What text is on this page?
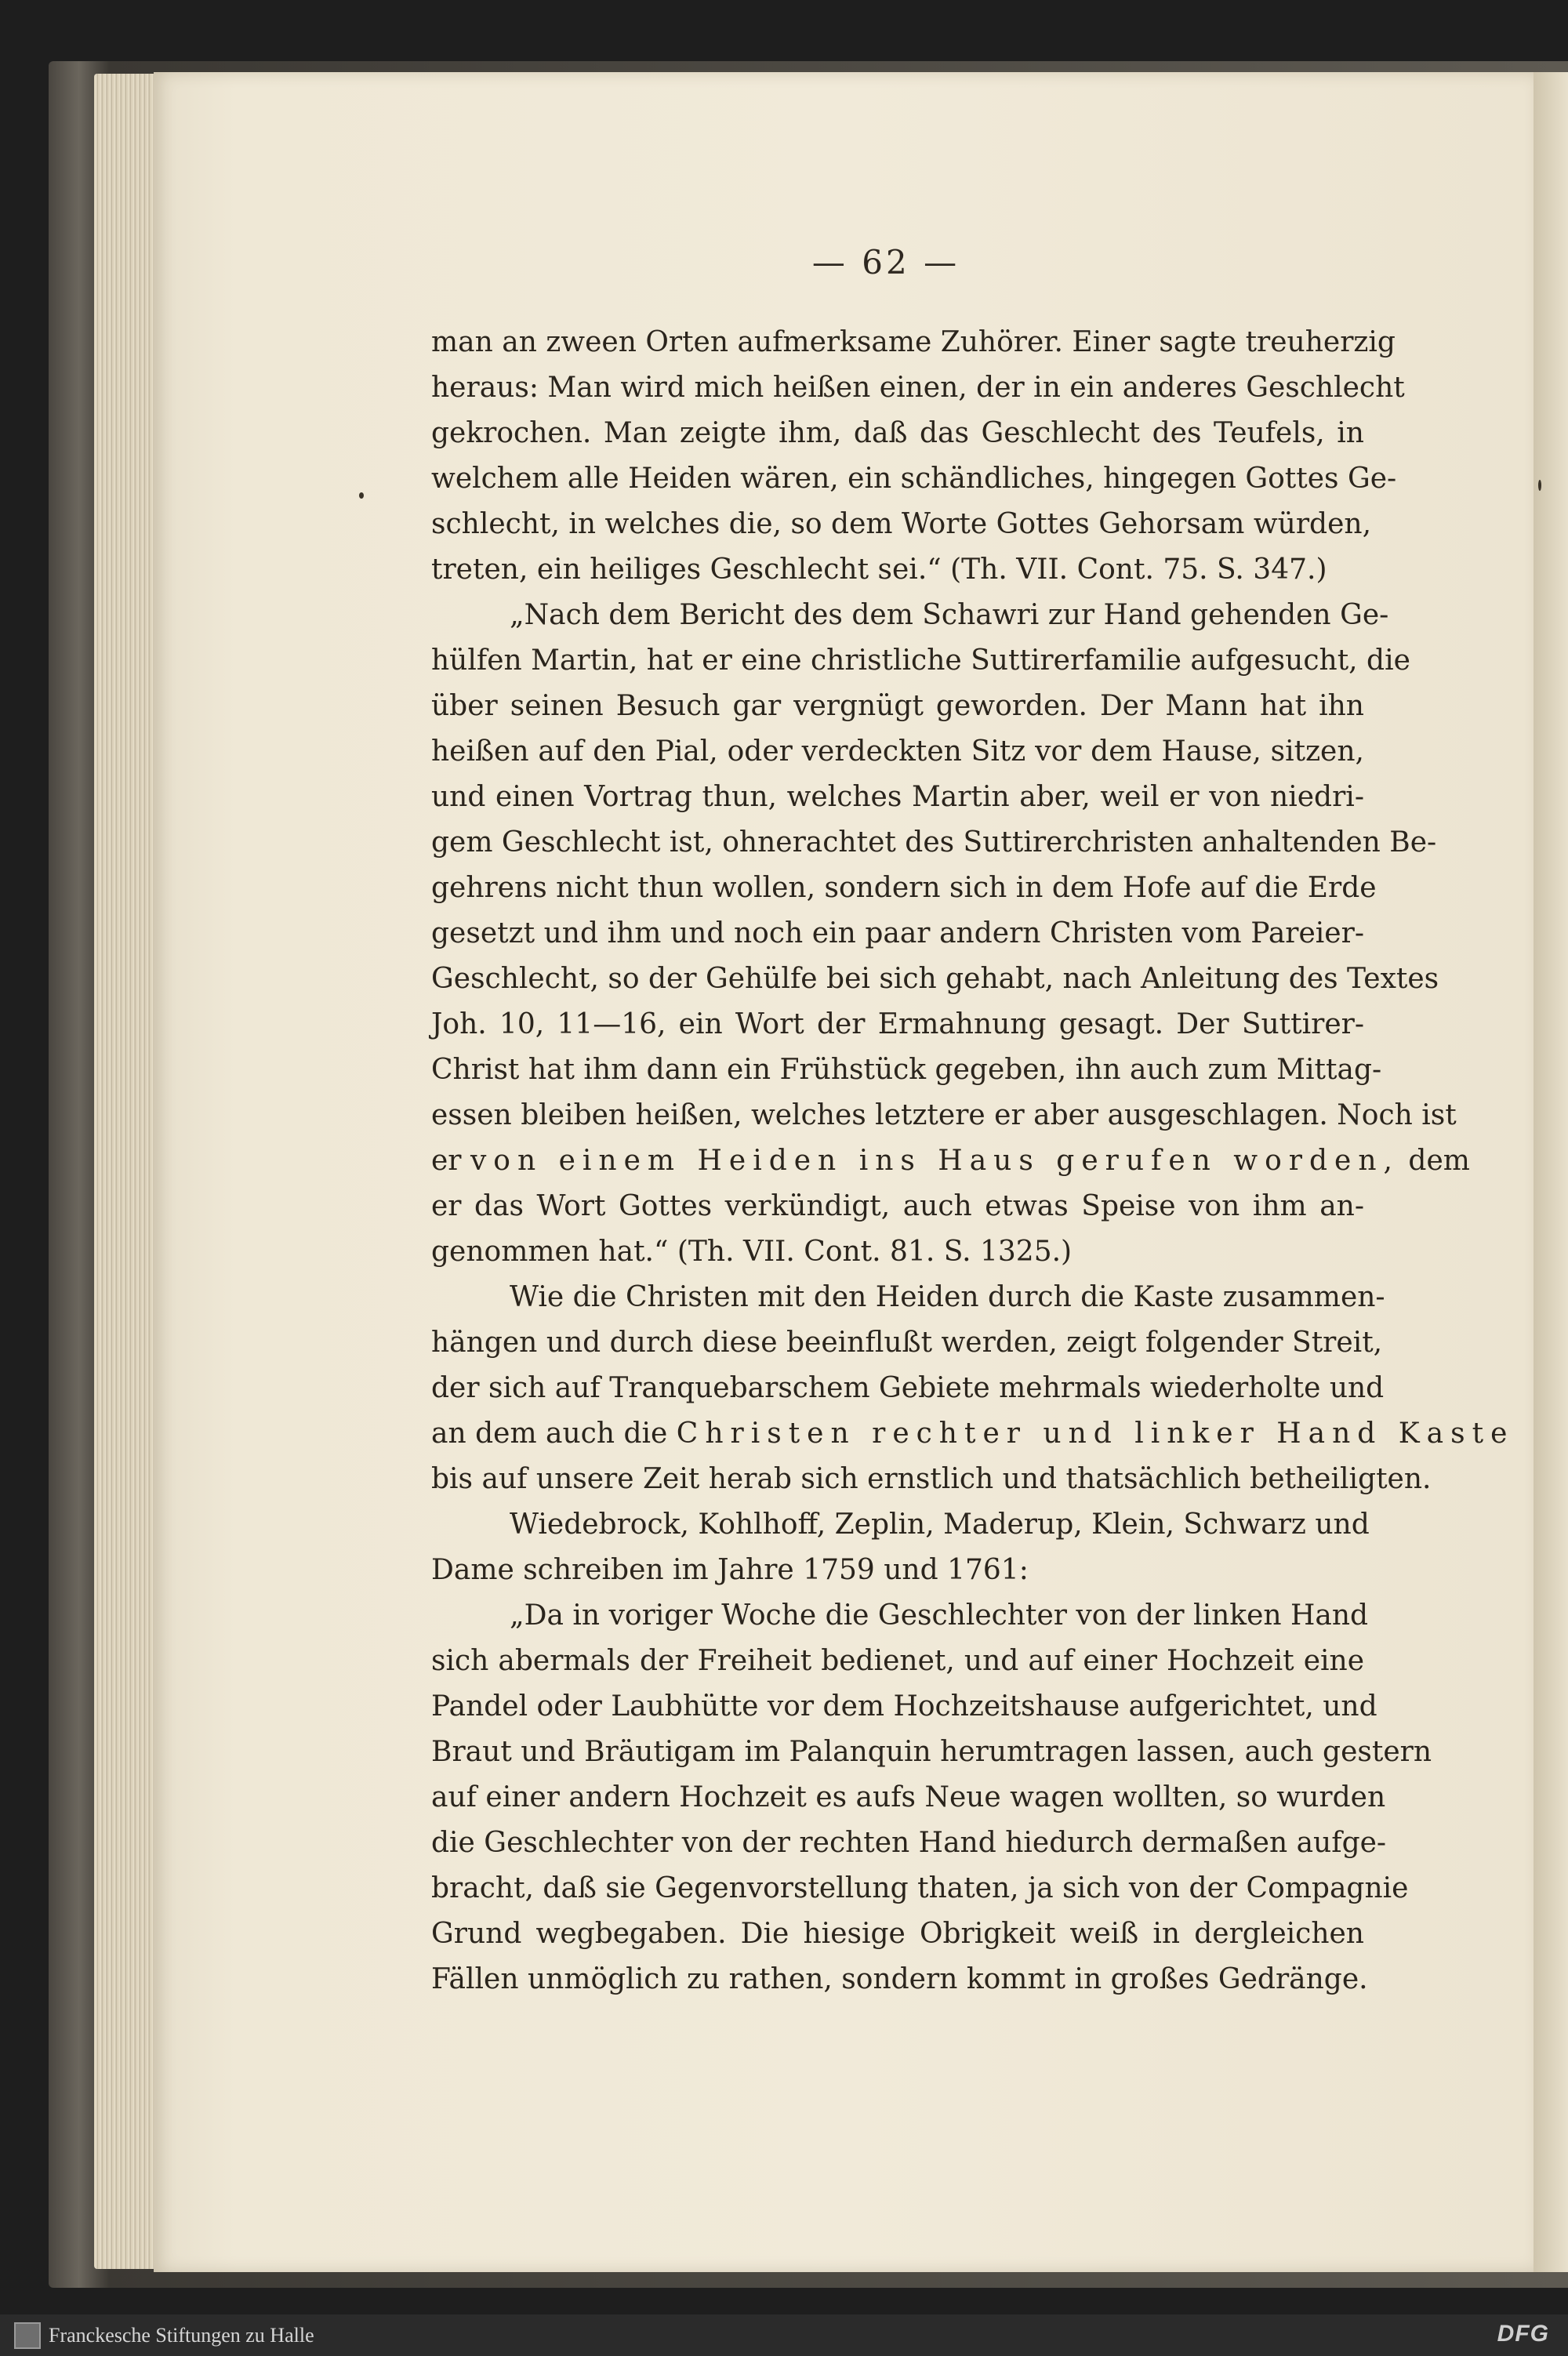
— 62 —
man an zween Orten aufmerksame Zuhörer. Einer sagte treuherzig
heraus: Man wird mich heißen einen, der in ein anderes Geschlecht
gekrochen. Man zeigte ihm, daß das Geschlecht des Teufels, in
welchem alle Heiden wären, ein schändliches, hingegen Gottes Ge-
schlecht, in welches die, so dem Worte Gottes Gehorsam würden,
treten, ein heiliges Geschlecht sei.“ (Th. VII. Cont. 75. S. 347.)
„Nach dem Bericht des dem Schawri zur Hand gehenden Ge-
hülfen Martin, hat er eine christliche Suttirerfamilie aufgesucht, die
über seinen Besuch gar vergnügt geworden. Der Mann hat ihn
heißen auf den Pial, oder verdeckten Sitz vor dem Hause, sitzen,
und einen Vortrag thun, welches Martin aber, weil er von niedri-
gem Geschlecht ist, ohnerachtet des Suttirerchristen anhaltenden Be-
gehrens nicht thun wollen, sondern sich in dem Hofe auf die Erde
gesetzt und ihm und noch ein paar andern Christen vom Pareier-
Geschlecht, so der Gehülfe bei sich gehabt, nach Anleitung des Textes
Joh. 10, 11—16, ein Wort der Ermahnung gesagt. Der Suttirer-
Christ hat ihm dann ein Frühstück gegeben, ihn auch zum Mittag-
essen bleiben heißen, welches letztere er aber ausgeschlagen. Noch ist
er von einem Heiden ins Haus gerufen worden, dem
er das Wort Gottes verkündigt, auch etwas Speise von ihm an-
genommen hat.“ (Th. VII. Cont. 81. S. 1325.)
Wie die Christen mit den Heiden durch die Kaste zusammen-
hängen und durch diese beeinflußt werden, zeigt folgender Streit,
der sich auf Tranquebarschem Gebiete mehrmals wiederholte und
an dem auch die Christen rechter und linker Hand Kaste
bis auf unsere Zeit herab sich ernstlich und thatsächlich betheiligten.
Wiedebrock, Kohlhoff, Zeplin, Maderup, Klein, Schwarz und
Dame schreiben im Jahre 1759 und 1761:
„Da in voriger Woche die Geschlechter von der linken Hand
sich abermals der Freiheit bedienet, und auf einer Hochzeit eine
Pandel oder Laubhütte vor dem Hochzeitshause aufgerichtet, und
Braut und Bräutigam im Palanquin herumtragen lassen, auch gestern
auf einer andern Hochzeit es aufs Neue wagen wollten, so wurden
die Geschlechter von der rechten Hand hiedurch dermaßen aufge-
bracht, daß sie Gegenvorstellung thaten, ja sich von der Compagnie
Grund wegbegaben. Die hiesige Obrigkeit weiß in dergleichen
Fällen unmöglich zu rathen, sondern kommt in großes Gedränge.
Franckesche Stiftungen zu Halle	DFG
